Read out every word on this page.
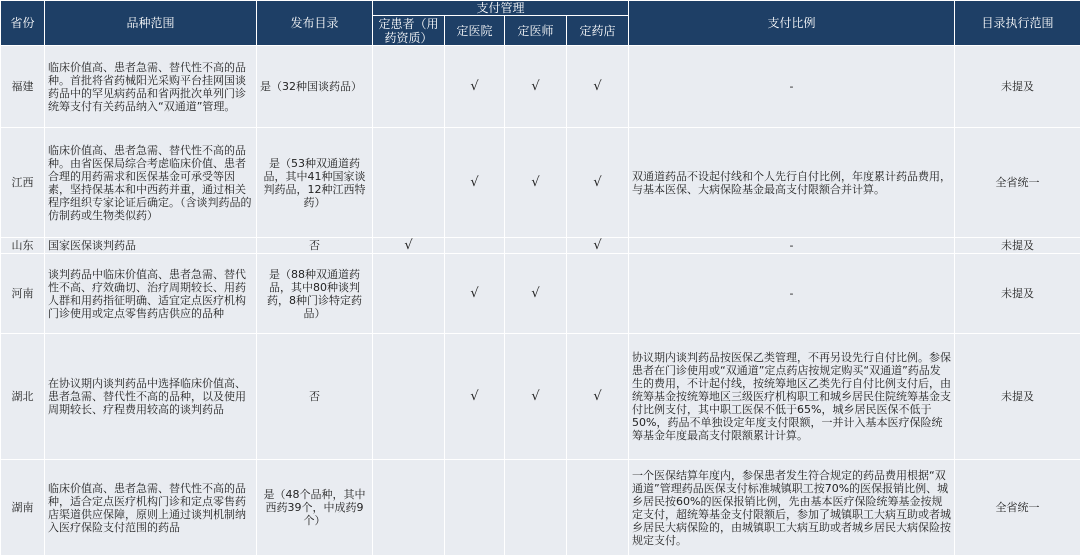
省份	品种范围	发布目录	支付管理				支付比例	目录执行范围
			定患者（用药资质）	定医院	定医师	定药店		
福建	临床价值高、患者急需、替代性不高的品种。首批将省药械阳光采购平台挂网国谈药品中的罕见病药品和省两批次单列门诊统筹支付有关药品纳入“双通道”管理。	是（32种国谈药品）		√	√	√	-	未提及
江西	临床价值高、患者急需、替代性不高的品种。由省医保局综合考虑临床价值、患者合理的用药需求和医保基金可承受等因素，坚持保基本和中西药并重，通过相关程序组织专家论证后确定。（含谈判药品的仿制药或生物类似药）	是（53种双通道药品，其中41种国家谈判药品，12种江西特药）		√	√	√	双通道药品不设起付线和个人先行自付比例，年度累计药品费用，与基本医保、大病保险基金最高支付限额合并计算。	全省统一
山东	国家医保谈判药品	否	√			√	-	未提及
河南	谈判药品中临床价值高、患者急需、替代性不高、疗效确切、治疗周期较长、用药人群和用药指征明确、适宜定点医疗机构门诊使用或定点零售药店供应的品种	是（88种双通道药品，其中80种谈判药，8种门诊特定药品）		√	√		-	未提及
湖北	在协议期内谈判药品中选择临床价值高、患者急需、替代性不高的品种，以及使用周期较长、疗程费用较高的谈判药品	否		√	√	√	协议期内谈判药品按医保乙类管理，不再另设先行自付比例。参保患者在门诊使用或“双通道”定点药店按规定购买“双通道”药品发生的费用，不计起付线，按统筹地区乙类先行自付比例支付后，由统筹基金按统筹地区三级医疗机构职工和城乡居民住院统筹基金支付比例支付，其中职工医保不低于65%，城乡居民医保不低于50%，药品不单独设定年度支付限额，一并计入基本医疗保险统筹基金年度最高支付限额累计计算。	未提及
湖南	临床价值高、患者急需、替代性不高的品种，适合定点医疗机构门诊和定点零售药店渠道供应保障，原则上通过谈判机制纳入医疗保险支付范围的药品	是（48个品种，其中西药39个，中成药9个）					一个医保结算年度内，参保患者发生符合规定的药品费用根据“双通道”管理药品医保支付标准城镇职工按70%的医保报销比例、城乡居民按60%的医保报销比例，先由基本医疗保险统筹基金按规定支付，超统筹基金支付限额后，参加了城镇职工大病互助或者城乡居民大病保险的，由城镇职工大病互助或者城乡居民大病保险按规定支付。	全省统一
